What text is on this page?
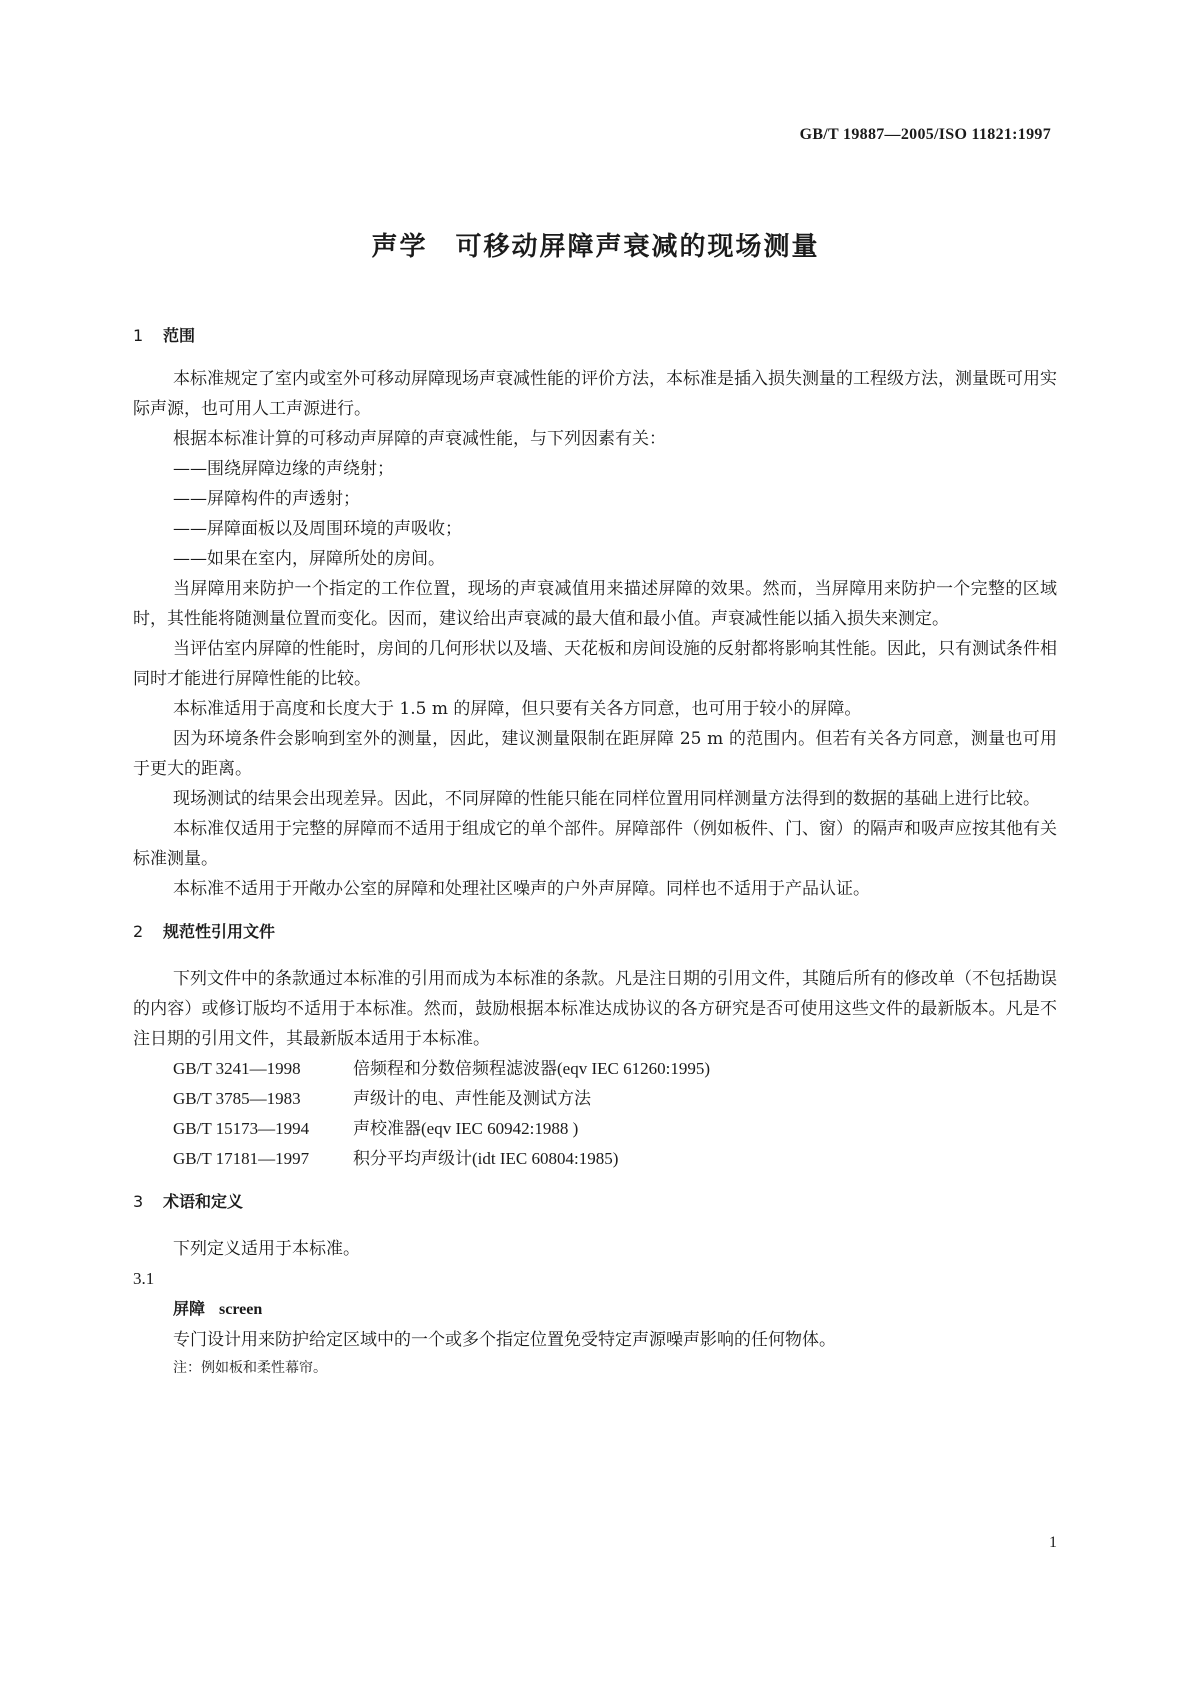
GB/T 19887—2005/ISO 11821:1997
声学　可移动屏障声衰减的现场测量
1 范围

本标准规定了室内或室外可移动屏障现场声衰减性能的评价方法，本标准是插入损失测量的工程级方法，测量既可用实际声源，也可用人工声源进行。

根据本标准计算的可移动声屏障的声衰减性能，与下列因素有关：

——围绕屏障边缘的声绕射；
——屏障构件的声透射；
——屏障面板以及周围环境的声吸收；
——如果在室内，屏障所处的房间。

当屏障用来防护一个指定的工作位置，现场的声衰减值用来描述屏障的效果。然而，当屏障用来防护一个完整的区域时，其性能将随测量位置而变化。因而，建议给出声衰减的最大值和最小值。声衰减性能以插入损失来测定。

当评估室内屏障的性能时，房间的几何形状以及墙、天花板和房间设施的反射都将影响其性能。因此，只有测试条件相同时才能进行屏障性能的比较。

本标准适用于高度和长度大于 1.5 m 的屏障，但只要有关各方同意，也可用于较小的屏障。

因为环境条件会影响到室外的测量，因此，建议测量限制在距屏障 25 m 的范围内。但若有关各方同意，测量也可用于更大的距离。

现场测试的结果会出现差异。因此，不同屏障的性能只能在同样位置用同样测量方法得到的数据的基础上进行比较。

本标准仅适用于完整的屏障而不适用于组成它的单个部件。屏障部件（例如板件、门、窗）的隔声和吸声应按其他有关标准测量。

本标准不适用于开敞办公室的屏障和处理社区噪声的户外声屏障。同样也不适用于产品认证。

2 规范性引用文件

下列文件中的条款通过本标准的引用而成为本标准的条款。凡是注日期的引用文件，其随后所有的修改单（不包括勘误的内容）或修订版均不适用于本标准。然而，鼓励根据本标准达成协议的各方研究是否可使用这些文件的最新版本。凡是不注日期的引用文件，其最新版本适用于本标准。

GB/T 3241—1998	倍频程和分数倍频程滤波器(eqv IEC 61260:1995)
GB/T 3785—1983	声级计的电、声性能及测试方法
GB/T 15173—1994	声校准器(eqv IEC 60942:1988 )
GB/T 17181—1997	积分平均声级计(idt IEC 60804:1985)
3 术语和定义

下列定义适用于本标准。

3.1
屏障 screen

专门设计用来防护给定区域中的一个或多个指定位置免受特定声源噪声影响的任何物体。

注：例如板和柔性幕帘。
1
